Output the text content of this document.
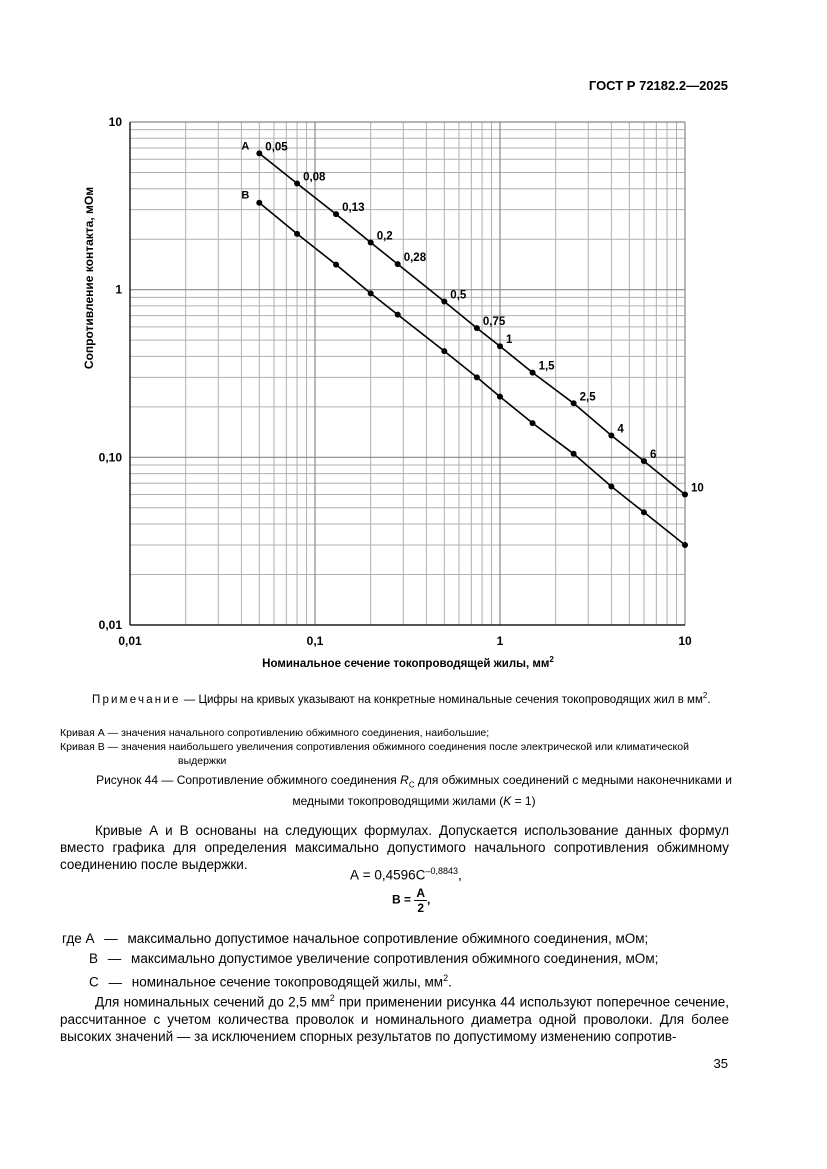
ГОСТ Р 72182.2—2025
0,01	0,1	1	10
0,01
0,10
1
10
A 0,05
0,08
0,13
0,2
0,28
0,5
0,75
1
1,5
2,5
4
6
10
B
Сопротивление контакта, мОм
Номинальное сечение токопроводящей жилы, $мм^2$
Примечание — Цифры на кривых указывают на конкретные номинальные сечения токопроводящих жил в $мм^2$.
Кривая А — значения начального сопротивлению обжимного соединения, наибольшие;
Кривая В — значения наибольшего увеличения сопротивления обжимного соединения после электрической или климатической
выдержки
Рисунок 44 — Сопротивление обжимного соединения $R_C$ для обжимных соединений с медными наконечниками и
медными токопроводящими жилами (K = 1)
Кривые А и В основаны на следующих формулах. Допускается использование данных формул вместо графика для определения максимально допустимого начального сопротивления обжимному соединению после выдержки.
$А = 0,4596C^{-0,8843}$,
$B = \frac{A}{2}$,
где А — максимально допустимое начальное сопротивление обжимного соединения, мОм;
В — максимально допустимое увеличение сопротивления обжимного соединения, мОм;
С — номинальное сечение токопроводящей жилы, $мм^2$.
Для номинальных сечений до 2,5 $мм^2$ при применении рисунка 44 используют поперечное сечение, рассчитанное с учетом количества проволок и номинального диаметра одной проволоки. Для более высоких значений — за исключением спорных результатов по допустимому изменению сопротив-
35
